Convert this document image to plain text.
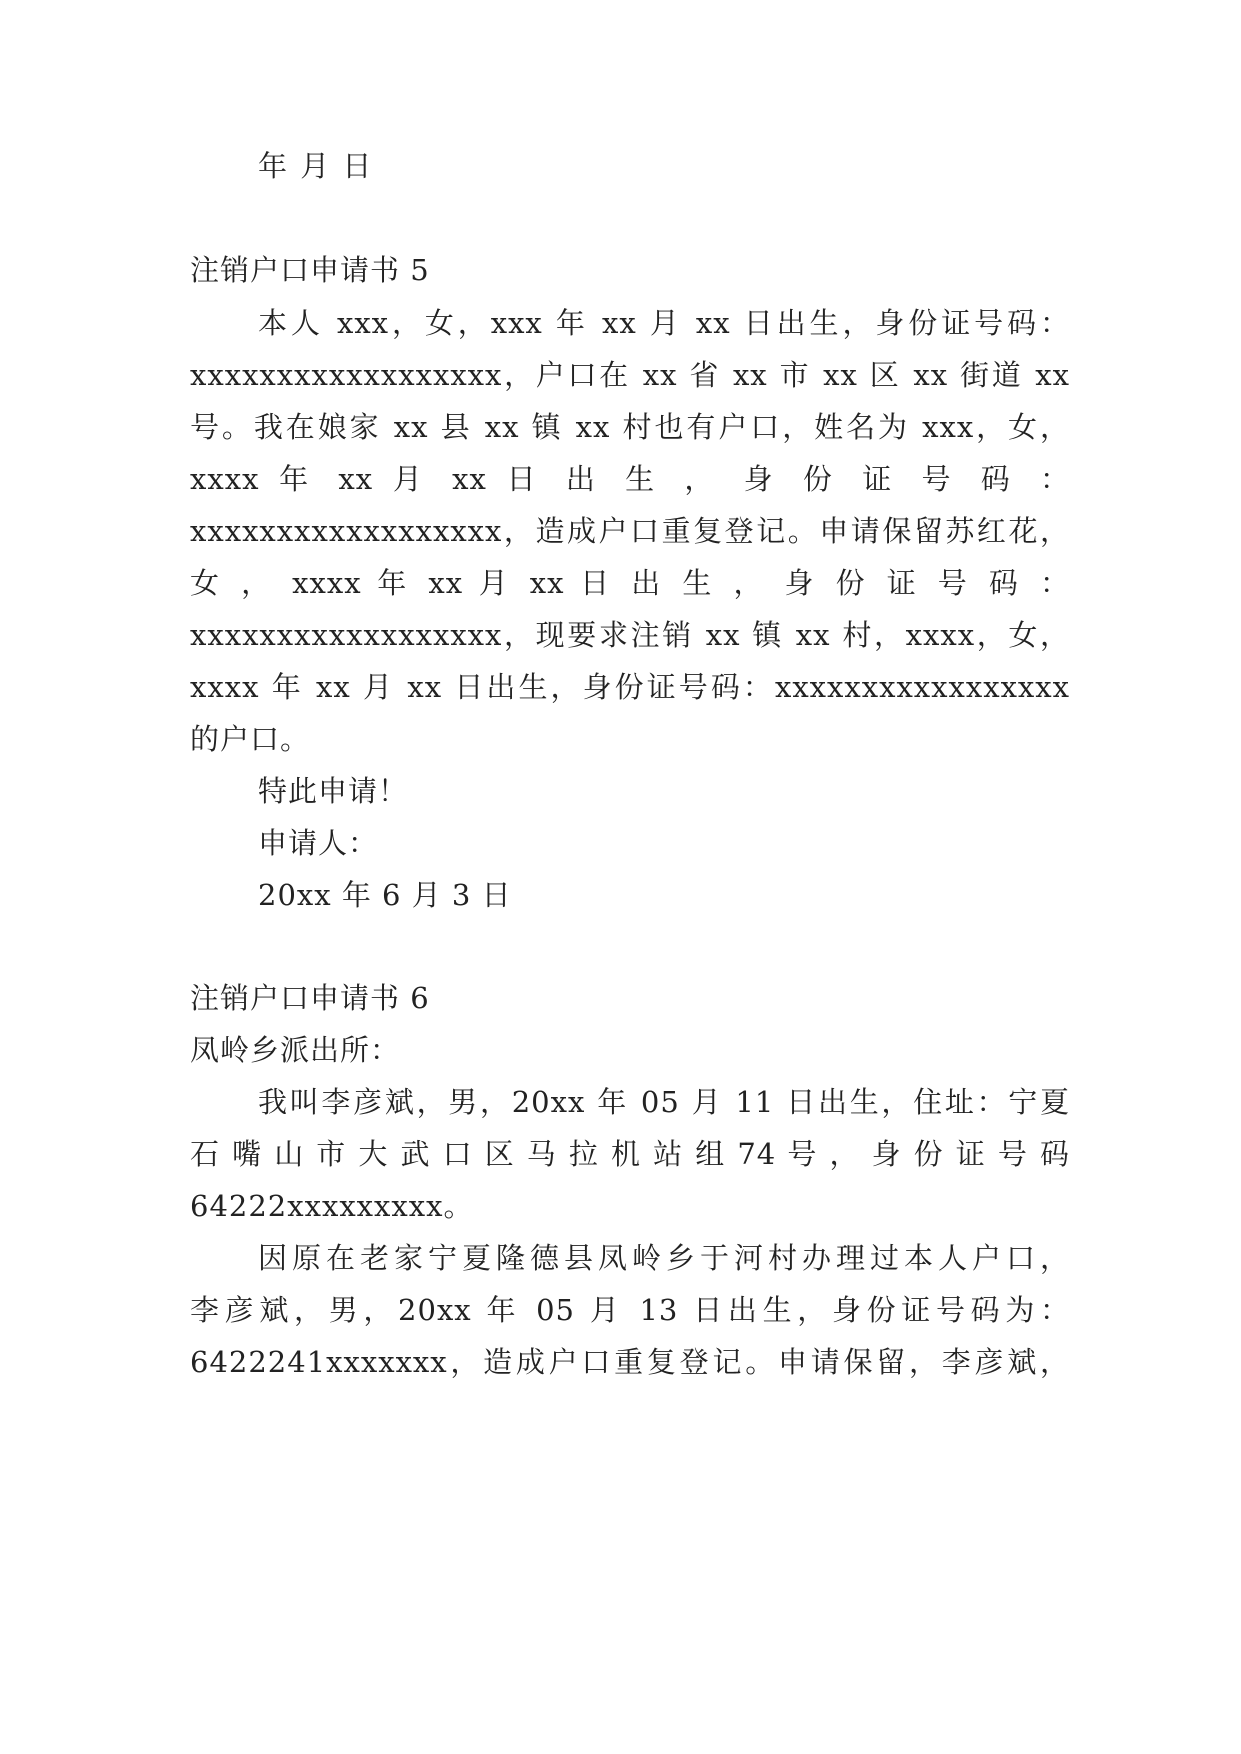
年 月 日
注销户口申请书 5
本人 xxx，女，xxx 年 xx 月 xx 日出生，身份证号码：
xxxxxxxxxxxxxxxxxx，户口在 xx 省 xx 市 xx 区 xx 街道 xx
号。我在娘家 xx 县 xx 镇 xx 村也有户口，姓名为 xxx，女，
xxxx 年 xx 月 xx 日 出 生 ， 身 份 证 号 码 ：
xxxxxxxxxxxxxxxxxx，造成户口重复登记。申请保留苏红花，
女 ， xxxx 年 xx 月 xx 日 出 生 ， 身 份 证 号 码 ：
xxxxxxxxxxxxxxxxxx，现要求注销 xx 镇 xx 村，xxxx，女，
xxxx 年 xx 月 xx 日出生，身份证号码：xxxxxxxxxxxxxxxxx
的户口。
特此申请！
申请人：
20xx 年 6 月 3 日
注销户口申请书 6
凤岭乡派出所：
我叫李彦斌，男，20xx 年 05 月 11 日出生，住址：宁夏
石 嘴 山 市 大 武 口 区 马 拉 机 站 组 74 号 ， 身 份 证 号 码
64222xxxxxxxxx。
因原在老家宁夏隆德县凤岭乡于河村办理过本人户口，
李彦斌，男，20xx 年 05 月 13 日出生，身份证号码为：
6422241xxxxxxx，造成户口重复登记。申请保留，李彦斌，
